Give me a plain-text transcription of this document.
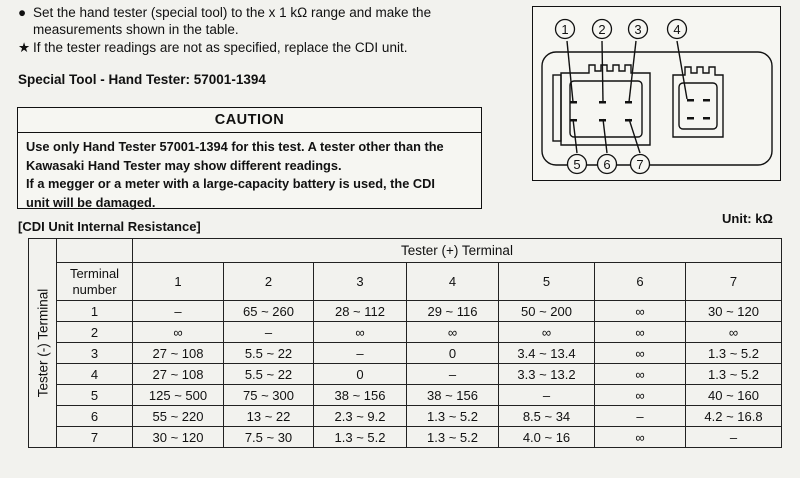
● Set the hand tester (special tool) to the x 1 kΩ range and make the measurements shown in the table.
★ If the tester readings are not as specified, replace the CDI unit.
Special Tool - Hand Tester: 57001-1394
CAUTION
Use only Hand Tester 57001-1394 for this test. A tester other than the
Kawasaki Hand Tester may show different readings.
If a megger or a meter with a large-capacity battery is used, the CDI
unit will be damaged.
1 2 3 4
5 6 7
[CDI Unit Internal Resistance]
Unit: kΩ
Tester (-) Terminal		Tester (+) Terminal						

	Terminal number	1	2	3	4	5	6	7
	1	–	65 ~ 260	28 ~ 112	29 ~ 116	50 ~ 200	∞	30 ~ 120
	2	∞	–	∞	∞	∞	∞	∞
	3	27 ~ 108	5.5 ~ 22	–	0	3.4 ~ 13.4	∞	1.3 ~ 5.2
	4	27 ~ 108	5.5 ~ 22	0	–	3.3 ~ 13.2	∞	1.3 ~ 5.2
	5	125 ~ 500	75 ~ 300	38 ~ 156	38 ~ 156	–	∞	40 ~ 160
	6	55 ~ 220	13 ~ 22	2.3 ~ 9.2	1.3 ~ 5.2	8.5 ~ 34	–	4.2 ~ 16.8
	7	30 ~ 120	7.5 ~ 30	1.3 ~ 5.2	1.3 ~ 5.2	4.0 ~ 16	∞	–
